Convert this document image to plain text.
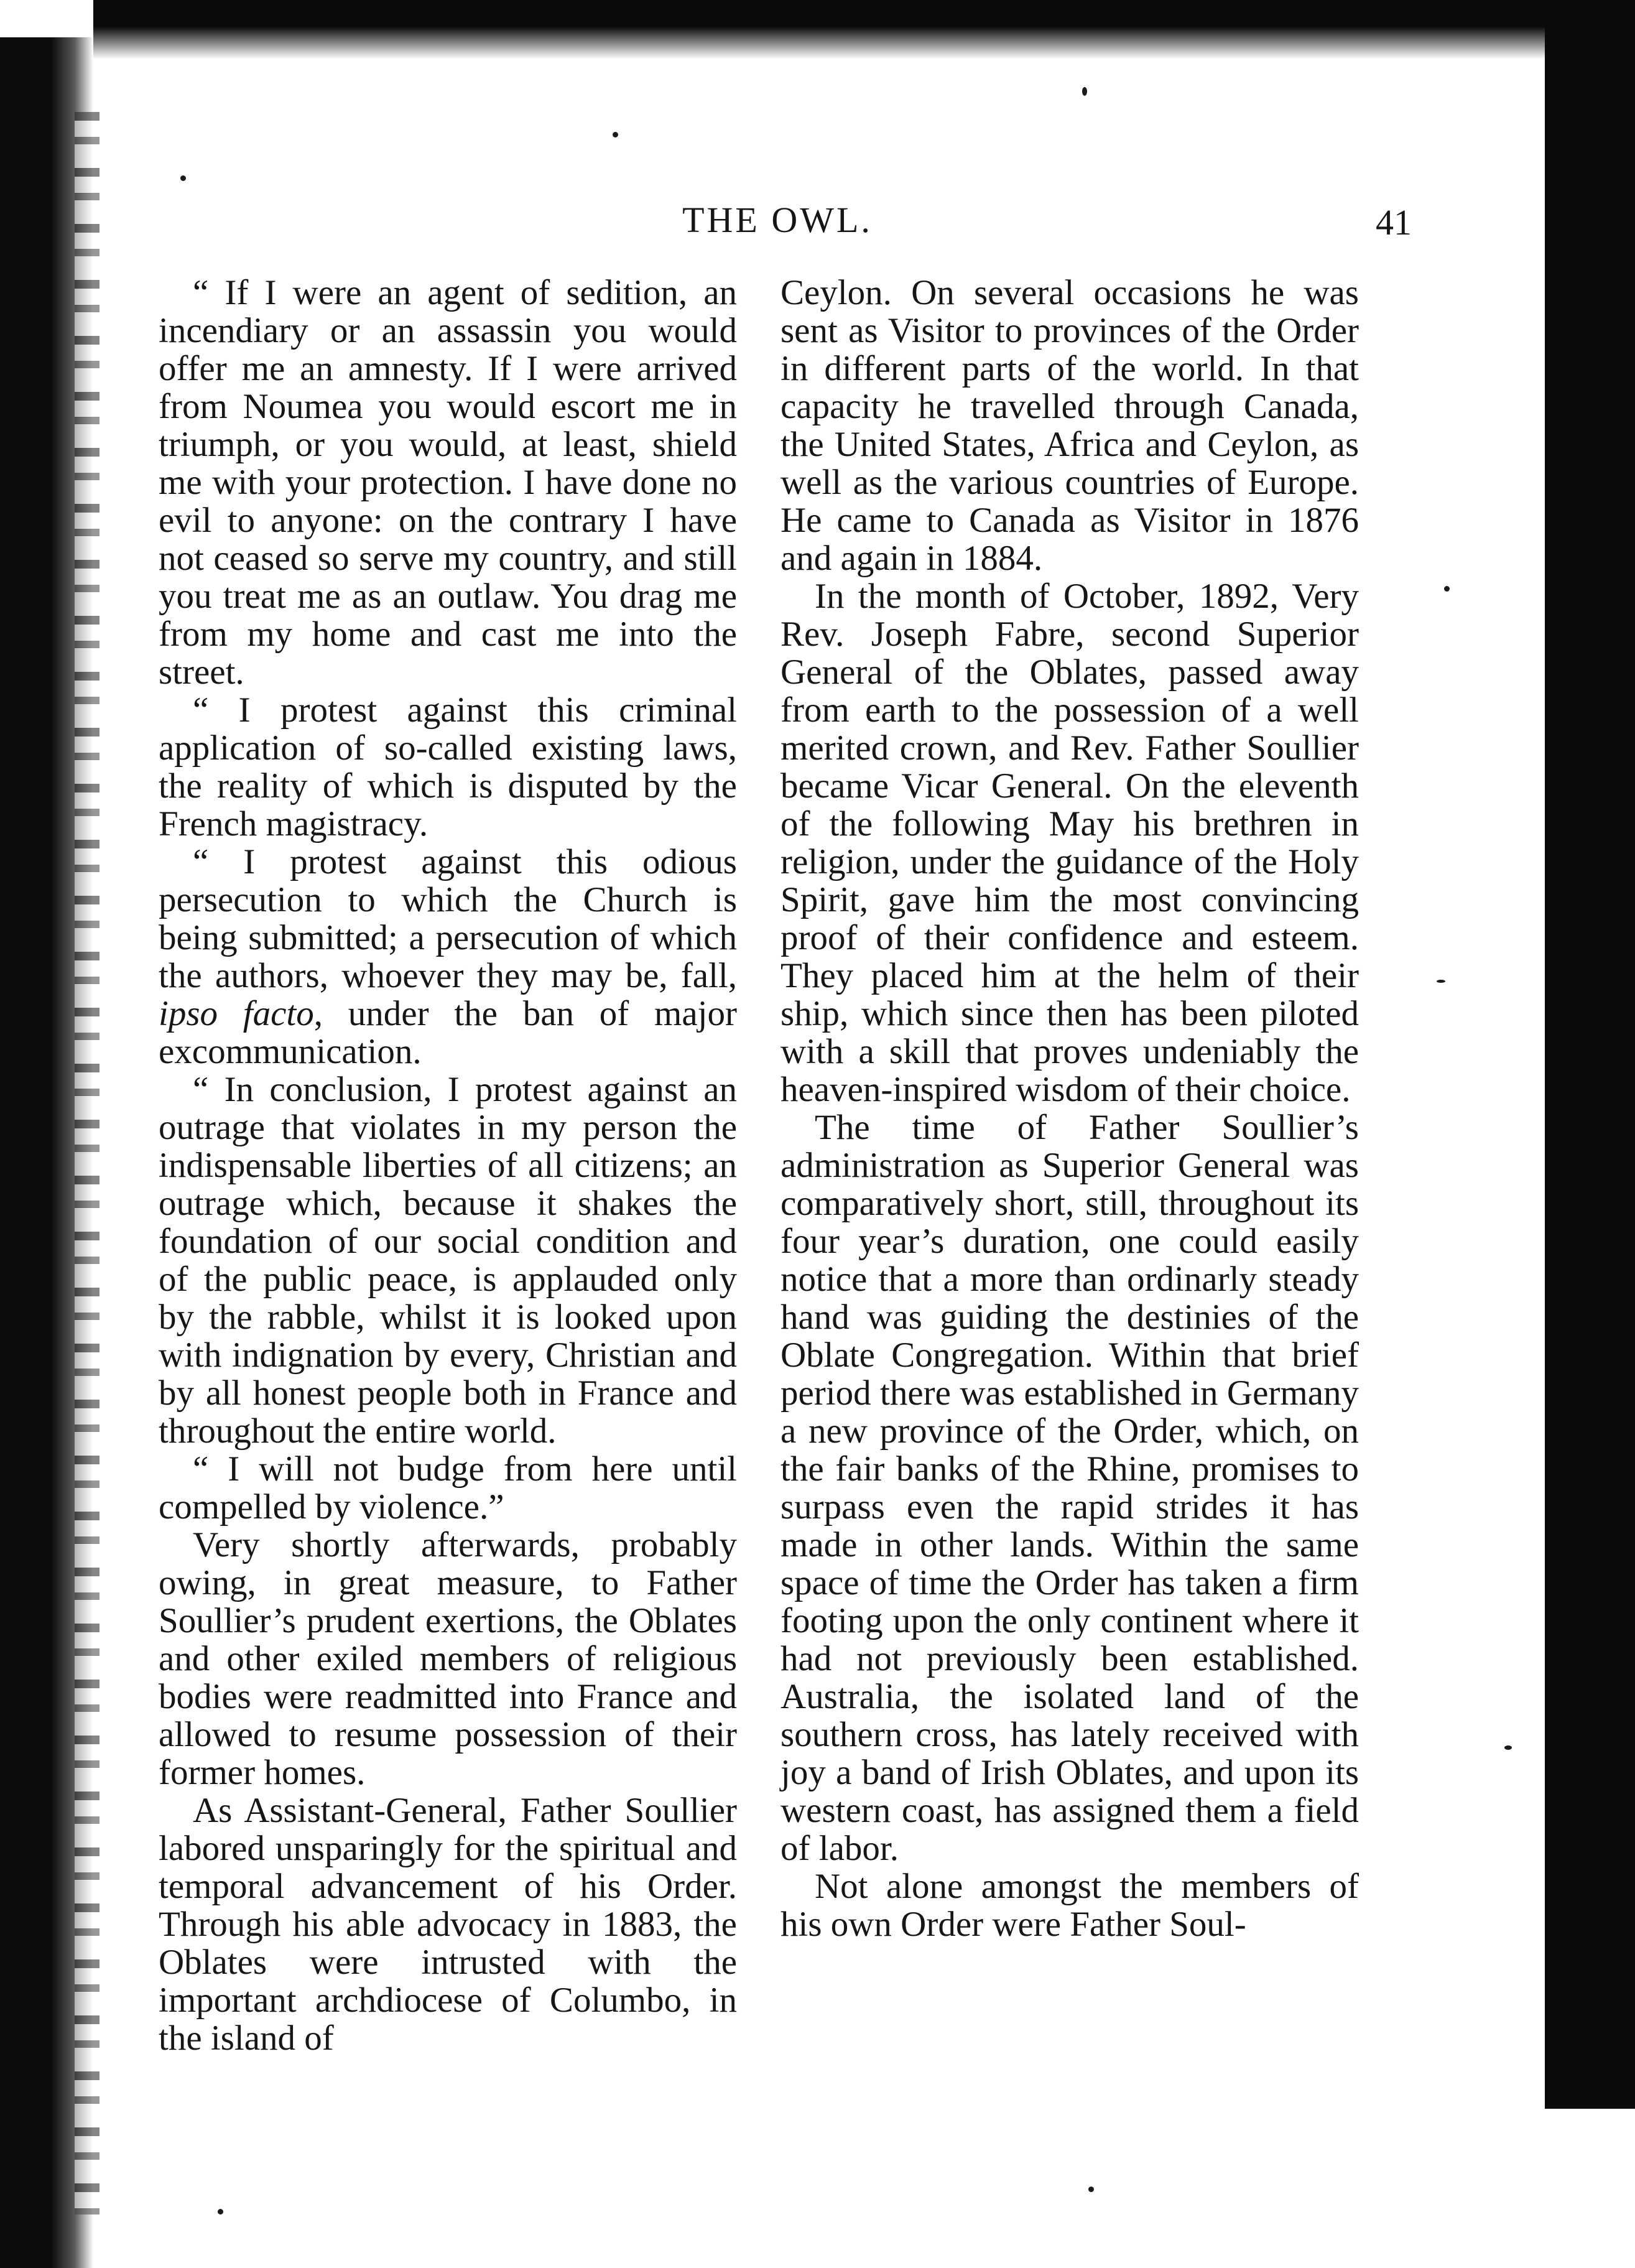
THE OWL.	41

“ If I were an agent of sedition, an incendiary or an assassin you would offer me an amnesty. If I were arrived from Noumea you would escort me in triumph, or you would, at least, shield me with your protection. I have done no evil to anyone: on the contrary I have not ceased so serve my country, and still you treat me as an outlaw. You drag me from my home and cast me into the street.

“ I protest against this criminal application of so-called existing laws, the reality of which is disputed by the French magistracy.

“ I protest against this odious persecution to which the Church is being submitted; a persecution of which the authors, whoever they may be, fall, ipso facto, under the ban of major excommunication.

“ In conclusion, I protest against an outrage that violates in my person the indispensable liberties of all citizens; an outrage which, because it shakes the foundation of our social condition and of the public peace, is applauded only by the rabble, whilst it is looked upon with indignation by every, Christian and by all honest people both in France and throughout the entire world.

“ I will not budge from here until compelled by violence.”

Very shortly afterwards, probably owing, in great measure, to Father Soullier’s prudent exertions, the Oblates and other exiled members of religious bodies were readmitted into France and allowed to resume possession of their former homes.

As Assistant-General, Father Soullier labored unsparingly for the spiritual and temporal advancement of his Order. Through his able advocacy in 1883, the Oblates were intrusted with the important archdiocese of Columbo, in the island of

Ceylon. On several occasions he was sent as Visitor to provinces of the Order in different parts of the world. In that capacity he travelled through Canada, the United States, Africa and Ceylon, as well as the various countries of Europe. He came to Canada as Visitor in 1876 and again in 1884.

In the month of October, 1892, Very Rev. Joseph Fabre, second Superior General of the Oblates, passed away from earth to the possession of a well merited crown, and Rev. Father Soullier became Vicar General. On the eleventh of the following May his brethren in religion, under the guidance of the Holy Spirit, gave him the most convincing proof of their confidence and esteem. They placed him at the helm of their ship, which since then has been piloted with a skill that proves undeniably the heaven-inspired wisdom of their choice.

The time of Father Soullier’s administration as Superior General was comparatively short, still, throughout its four year’s duration, one could easily notice that a more than ordinarly steady hand was guiding the destinies of the Oblate Congregation. Within that brief period there was established in Germany a new province of the Order, which, on the fair banks of the Rhine, promises to surpass even the rapid strides it has made in other lands. Within the same space of time the Order has taken a firm footing upon the only continent where it had not previously been established. Australia, the isolated land of the southern cross, has lately received with joy a band of Irish Oblates, and upon its western coast, has assigned them a field of labor.

Not alone amongst the members of his own Order were Father Soul-
